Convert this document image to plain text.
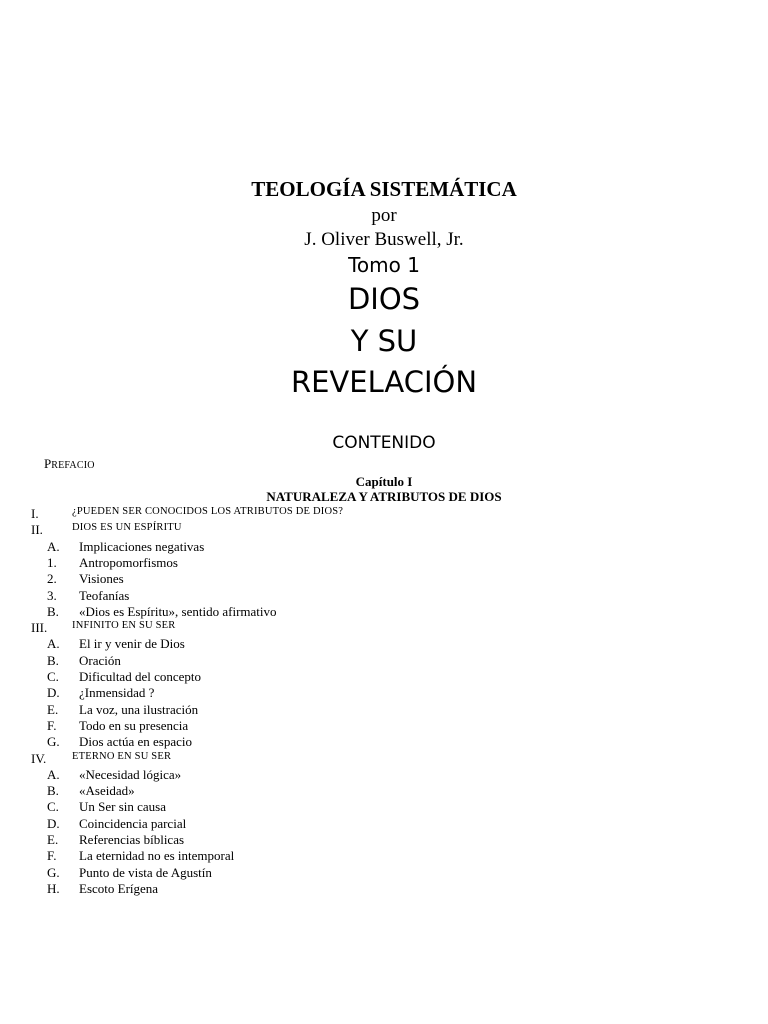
TEOLOGÍA SISTEMÁTICA
por
J. Oliver Buswell, Jr.
Tomo 1
DIOS
Y SU
REVELACIÓN
CONTENIDO
PREFACIO
Capítulo I
NATURALEZA Y ATRIBUTOS DE DIOS
I.	¿PUEDEN SER CONOCIDOS LOS ATRIBUTOS DE DIOS?
II.	DIOS ES UN ESPÍRITU
A. Implicaciones negativas
1. Antropomorfismos
2. Visiones
3. Teofanías
B. «Dios es Espíritu», sentido afirmativo
III. INFINITO EN SU SER
A. El ir y venir de Dios
B. Oración
C. Dificultad del concepto
D. ¿Inmensidad ?
E. La voz, una ilustración
F. Todo en su presencia
G. Dios actúa en espacio
IV. ETERNO EN SU SER
A. «Necesidad lógica»
B. «Aseidad»
C. Un Ser sin causa
D. Coincidencia parcial
E. Referencias bíblicas
F. La eternidad no es intemporal
G. Punto de vista de Agustín
H. Escoto Erígena
